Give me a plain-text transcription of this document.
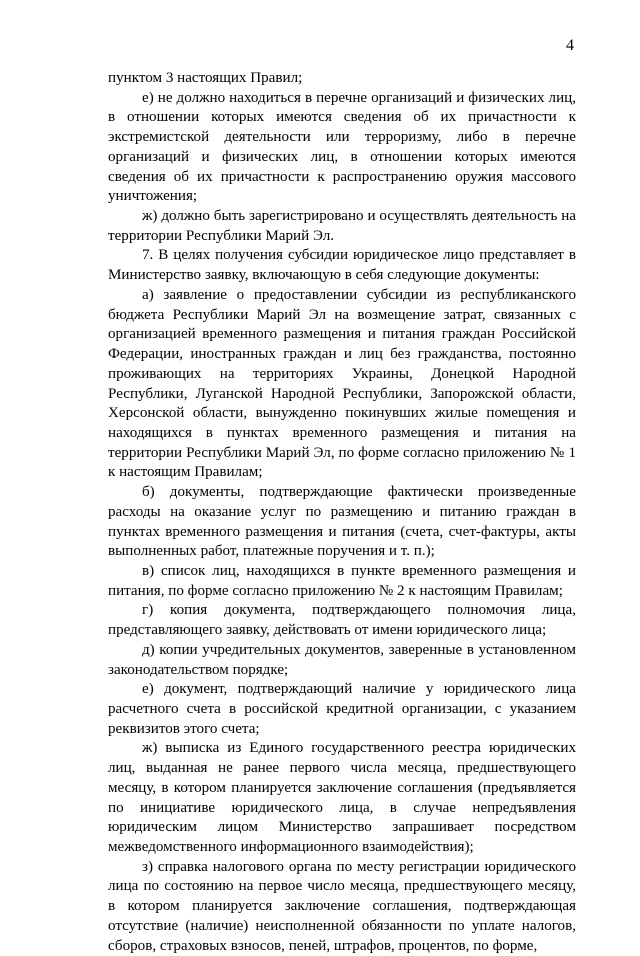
4

пунктом 3 настоящих Правил;

е) не должно находиться в перечне организаций и физических лиц, в отношении которых имеются сведения об их причастности к экстремистской деятельности или терроризму, либо в перечне организаций и физических лиц, в отношении которых имеются сведения об их причастности к распространению оружия массового уничтожения;

ж) должно быть зарегистрировано и осуществлять деятельность на территории Республики Марий Эл.

7. В целях получения субсидии юридическое лицо представляет в Министерство заявку, включающую в себя следующие документы:

а) заявление о предоставлении субсидии из республиканского бюджета Республики Марий Эл на возмещение затрат, связанных с организацией временного размещения и питания граждан Российской Федерации, иностранных граждан и лиц без гражданства, постоянно проживающих на территориях Украины, Донецкой Народной Республики, Луганской Народной Республики, Запорожской области, Херсонской области, вынужденно покинувших жилые помещения и находящихся в пунктах временного размещения и питания на территории Республики Марий Эл, по форме согласно приложению № 1 к настоящим Правилам;

б) документы, подтверждающие фактически произведенные расходы на оказание услуг по размещению и питанию граждан в пунктах временного размещения и питания (счета, счет-фактуры, акты выполненных работ, платежные поручения и т. п.);

в) список лиц, находящихся в пункте временного размещения и питания, по форме согласно приложению № 2 к настоящим Правилам;

г) копия документа, подтверждающего полномочия лица, представляющего заявку, действовать от имени юридического лица;

д) копии учредительных документов, заверенные в установленном законодательством порядке;

е) документ, подтверждающий наличие у юридического лица расчетного счета в российской кредитной организации, с указанием реквизитов этого счета;

ж) выписка из Единого государственного реестра юридических лиц, выданная не ранее первого числа месяца, предшествующего месяцу, в котором планируется заключение соглашения (предъявляется по инициативе юридического лица, в случае непредъявления юридическим лицом Министерство запрашивает посредством межведомственного информационного взаимодействия);

з) справка налогового органа по месту регистрации юридического лица по состоянию на первое число месяца, предшествующего месяцу, в котором планируется заключение соглашения, подтверждающая отсутствие (наличие) неисполненной обязанности по уплате налогов, сборов, страховых взносов, пеней, штрафов, процентов, по форме,
